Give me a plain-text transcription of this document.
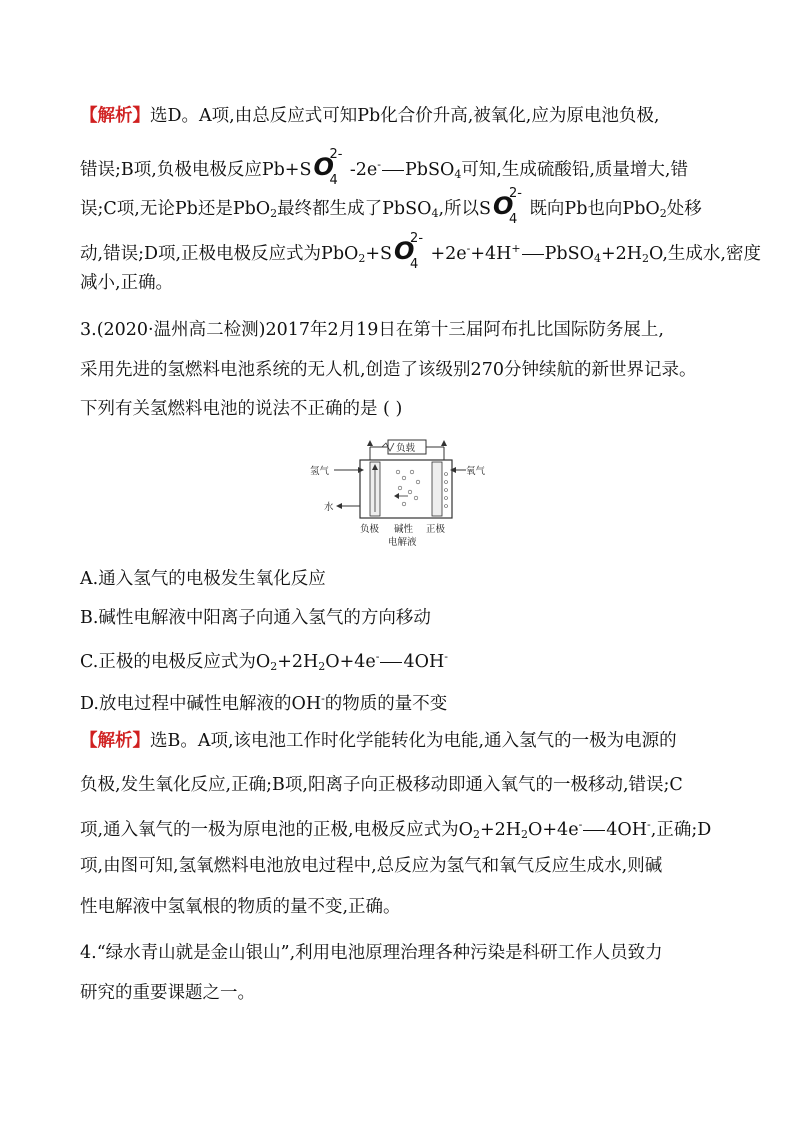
【解析】选D。A项,由总反应式可知Pb化合价升高,被氧化,应为原电池负极,
错误;B项,负极电极反应Pb+SO
2-
4
-2e- PbSO$_4$可知,生成硫酸铅,质量增大,错
误;C项,无论Pb还是PbO$_2$最终都生成了PbSO$_4$,所以SO
2-
4
既向Pb也向PbO$_2$处移
动,错误;D项,正极电极反应式为PbO$_2$+SO
2-
4
+2e-+4H+ $PbSO_4+2H_2O$,生成水,密度
减小,正确。
3.(2020·温州高二检测)2017年2月19日在第十三届阿布扎比国际防务展上,
采用先进的氢燃料电池系统的无人机,创造了该级别270分钟续航的新世界记录。
下列有关氢燃料电池的说法不正确的是 ( )
负载
氢气
水
氧气
负极 碱性
电解液
正极
A.通入氢气的电极发生氧化反应
B.碱性电解液中阳离子向通入氢气的方向移动
C.正极的电极反应式为$O_2+2H_2O+4e^-$ 4OH-
D.放电过程中碱性电解液的OH-的物质的量不变
【解析】选B。A项,该电池工作时化学能转化为电能,通入氢气的一极为电源的
负极,发生氧化反应,正确;B项,阳离子向正极移动即通入氧气的一极移动,错误;C
项,通入氧气的一极为原电池的正极,电极反应式为$O_2+2H_2O+4e^-$ 4OH-,正确;D
项,由图可知,氢氧燃料电池放电过程中,总反应为氢气和氧气反应生成水,则碱
性电解液中氢氧根的物质的量不变,正确。
4.“绿水青山就是金山银山”,利用电池原理治理各种污染是科研工作人员致力
研究的重要课题之一。
